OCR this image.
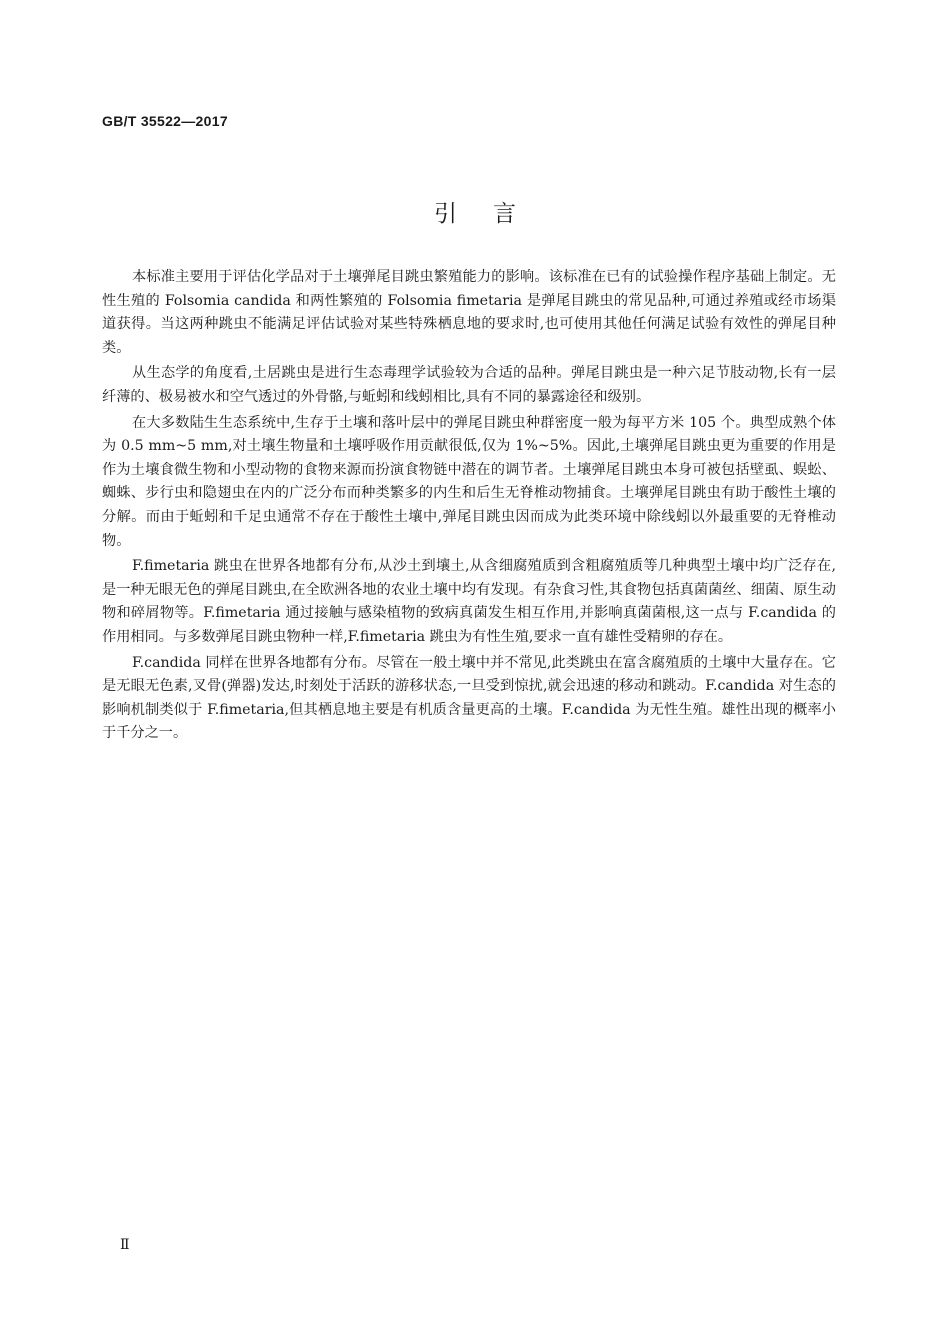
GB/T 35522—2017
引言

本标准主要用于评估化学品对于土壤弹尾目跳虫繁殖能力的影响。该标准在已有的试验操作程序基础上制定。无性生殖的 Folsomia candida 和两性繁殖的 Folsomia fimetaria 是弹尾目跳虫的常见品种,可通过养殖或经市场渠道获得。当这两种跳虫不能满足评估试验对某些特殊栖息地的要求时,也可使用其他任何满足试验有效性的弹尾目种类。

从生态学的角度看,土居跳虫是进行生态毒理学试验较为合适的品种。弹尾目跳虫是一种六足节肢动物,长有一层纤薄的、极易被水和空气透过的外骨骼,与蚯蚓和线蚓相比,具有不同的暴露途径和级别。

在大多数陆生生态系统中,生存于土壤和落叶层中的弹尾目跳虫种群密度一般为每平方米 105 个。典型成熟个体为 0.5 mm~5 mm,对土壤生物量和土壤呼吸作用贡献很低,仅为 1%~5%。因此,土壤弹尾目跳虫更为重要的作用是作为土壤食微生物和小型动物的食物来源而扮演食物链中潜在的调节者。土壤弹尾目跳虫本身可被包括壁虱、蜈蚣、蜘蛛、步行虫和隐翅虫在内的广泛分布而种类繁多的内生和后生无脊椎动物捕食。土壤弹尾目跳虫有助于酸性土壤的分解。而由于蚯蚓和千足虫通常不存在于酸性土壤中,弹尾目跳虫因而成为此类环境中除线蚓以外最重要的无脊椎动物。

F.fimetaria 跳虫在世界各地都有分布,从沙土到壤土,从含细腐殖质到含粗腐殖质等几种典型土壤中均广泛存在,是一种无眼无色的弹尾目跳虫,在全欧洲各地的农业土壤中均有发现。有杂食习性,其食物包括真菌菌丝、细菌、原生动物和碎屑物等。F.fimetaria 通过接触与感染植物的致病真菌发生相互作用,并影响真菌菌根,这一点与 F.candida 的作用相同。与多数弹尾目跳虫物种一样,F.fimetaria 跳虫为有性生殖,要求一直有雄性受精卵的存在。

F.candida 同样在世界各地都有分布。尽管在一般土壤中并不常见,此类跳虫在富含腐殖质的土壤中大量存在。它是无眼无色素,叉骨(弹器)发达,时刻处于活跃的游移状态,一旦受到惊扰,就会迅速的移动和跳动。F.candida 对生态的影响机制类似于 F.fimetaria,但其栖息地主要是有机质含量更高的土壤。F.candida 为无性生殖。雄性出现的概率小于千分之一。

Ⅱ
